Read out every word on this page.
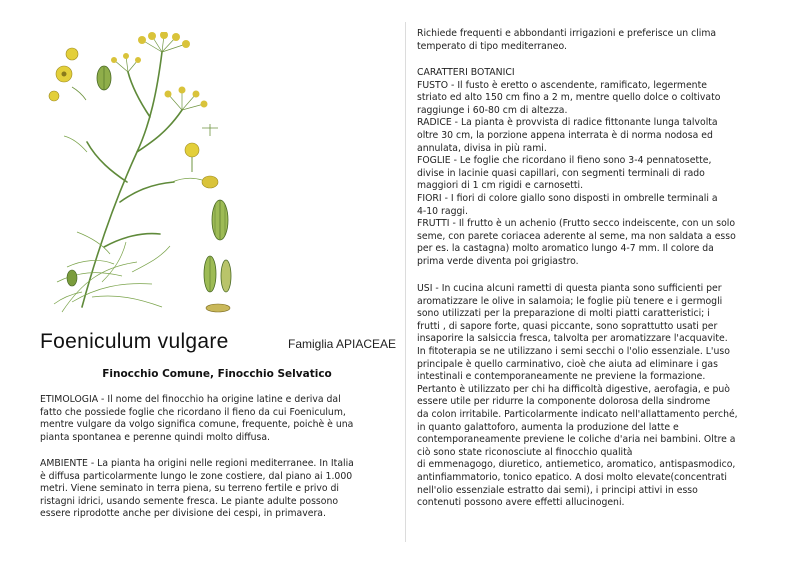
Foeniculum vulgare	Famiglia APIACEAE
Finocchio Comune, Finocchio Selvatico

ETIMOLOGIA - Il nome del finocchio ha origine latine e deriva dal
fatto che possiede foglie che ricordano il fieno da cui Foeniculum,
mentre vulgare da volgo significa comune, frequente, poichè è una
pianta spontanea e perenne quindi molto diffusa.

AMBIENTE - La pianta ha origini nelle regioni mediterranee. In Italia
è diffusa particolarmente lungo le zone costiere, dal piano ai 1.000
metri. Viene seminato in terra piena, su terreno fertile e privo di
ristagni idrici, usando semente fresca. Le piante adulte possono
essere riprodotte anche per divisione dei cespi, in primavera.

Richiede frequenti e abbondanti irrigazioni e preferisce un clima
temperato di tipo mediterraneo.

CARATTERI BOTANICI
FUSTO - Il fusto è eretto o ascendente, ramificato, legermente
striato ed alto 150 cm fino a 2 m, mentre quello dolce o coltivato
raggiunge i 60-80 cm di altezza.
RADICE - La pianta è provvista di radice fittonante lunga talvolta
oltre 30 cm, la porzione appena interrata è di norma nodosa ed
annulata, divisa in più rami.
FOGLIE - Le foglie che ricordano il fieno sono 3-4 pennatosette,
divise in lacinie quasi capillari, con segmenti terminali di rado
maggiori di 1 cm rigidi e carnosetti.
FIORI - I fiori di colore giallo sono disposti in ombrelle terminali a
4-10 raggi.
FRUTTI - Il frutto è un achenio (Frutto secco indeiscente, con un solo
seme, con parete coriacea aderente al seme, ma non saldata a esso
per es. la castagna) molto aromatico lungo 4-7 mm. Il colore da
prima verde diventa poi grigiastro.

USI - In cucina alcuni rametti di questa pianta sono sufficienti per
aromatizzare le olive in salamoia; le foglie più tenere e i germogli
sono utilizzati per la preparazione di molti piatti caratteristici; i
frutti , di sapore forte, quasi piccante, sono soprattutto usati per
insaporire la salsiccia fresca, talvolta per aromatizzare l'acquavite.
In fitoterapia se ne utilizzano i semi secchi o l'olio essenziale. L'uso
principale è quello carminativo, cioè che aiuta ad eliminare i gas
intestinali e contemporaneamente ne previene la formazione.
Pertanto è utilizzato per chi ha difficoltà digestive, aerofagia, e può
essere utile per ridurre la componente dolorosa della sindrome
da colon irritabile. Particolarmente indicato nell'allattamento perché,
in quanto galattoforo, aumenta la produzione del latte e
contemporaneamente previene le coliche d'aria nei bambini. Oltre a
ciò sono state riconosciute al finocchio qualità
di emmenagogo, diuretico, antiemetico, aromatico, antispasmodico,
antinfiammatorio, tonico epatico. A dosi molto elevate(concentrati
nell'olio essenziale estratto dai semi), i principi attivi in esso
contenuti possono avere effetti allucinogeni.
